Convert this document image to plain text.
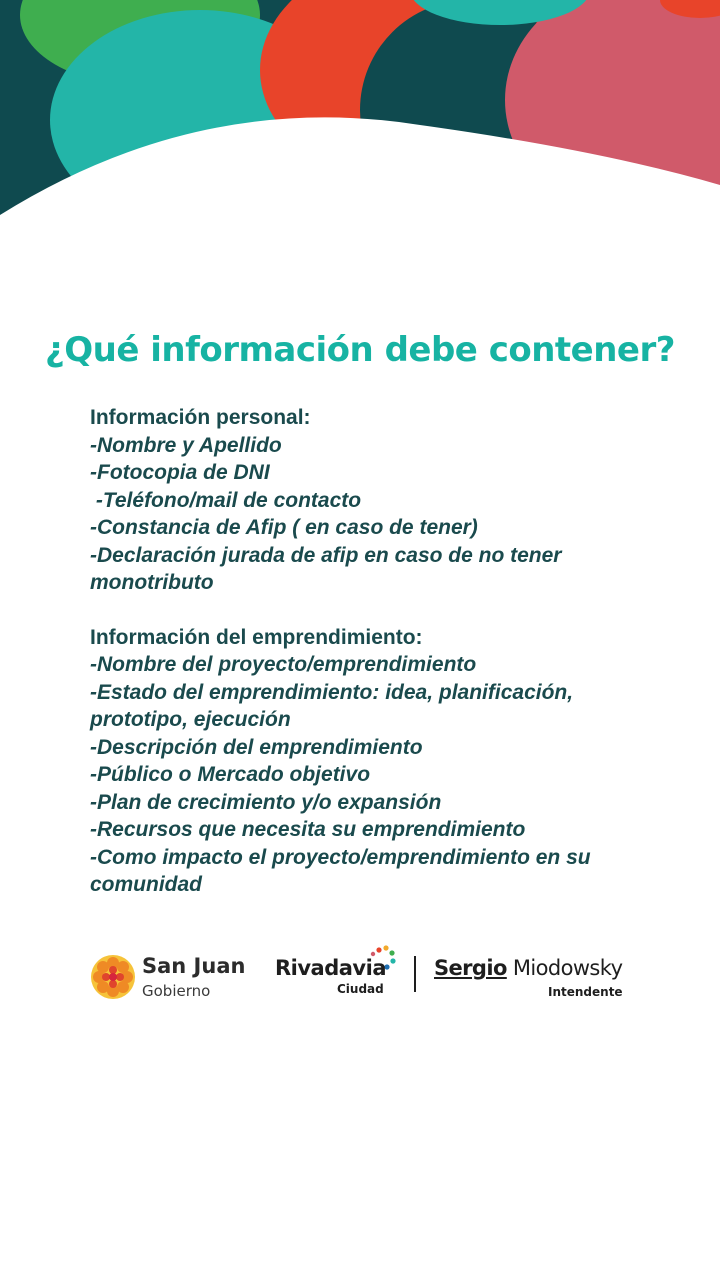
¿Qué información debe contener?
Información personal:
-Nombre y Apellido
-Fotocopia de DNI
-Teléfono/mail de contacto
-Constancia de Afip ( en caso de tener)
-Declaración jurada de afip en caso de no tener
monotributo
Información del emprendimiento:
-Nombre del proyecto/emprendimiento
-Estado del emprendimiento: idea, planificación,
prototipo, ejecución
-Descripción del emprendimiento
-Público o Mercado objetivo
-Plan de crecimiento y/o expansión
-Recursos que necesita su emprendimiento
-Como impacto el proyecto/emprendimiento en su
comunidad
San Juan
Gobierno
Rivadavia
Ciudad
Sergio Miodowsky
Intendente
